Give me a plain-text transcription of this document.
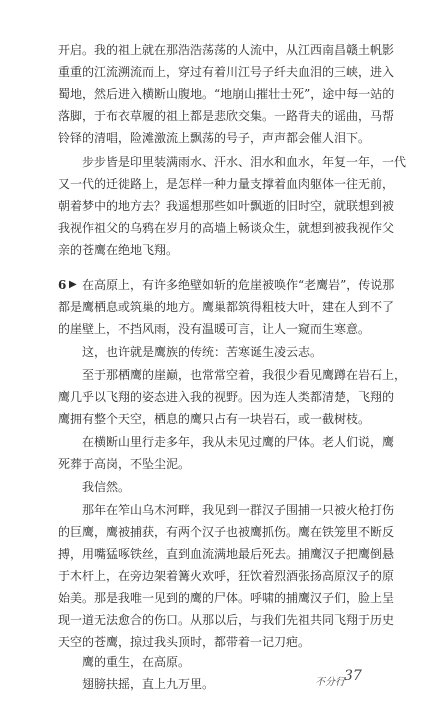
开启。我的祖上就在那浩浩荡荡的人流中，从江西南昌赣土帆影
重重的江流溯流而上，穿过有着川江号子纤夫血泪的三峡，进入
蜀地，然后进入横断山腹地。“地崩山摧壮士死”，途中每一站的
落脚，于布衣草履的祖上都是悲欣交集。一路背夫的谣曲，马帮
铃铎的清唱，险滩激流上飘荡的号子，声声都会催人泪下。
步步皆是印里装满雨水、汗水、泪水和血水，年复一年，一代
又一代的迁徙路上，是怎样一种力量支撑着血肉躯体一往无前，
朝着梦中的地方去？我遥想那些如叶飘逝的旧时空，就联想到被
我视作祖父的乌鸦在岁月的高墙上畅谈众生，就想到被我视作父
亲的苍鹰在绝地飞翔。
6 ▶ 在高原上，有许多绝壁如斩的危崖被唤作“老鹰岩”，传说那
都是鹰栖息或筑巢的地方。鹰巢都筑得粗枝大叶，建在人到不了
的崖壁上，不挡风雨，没有温暖可言，让人一窥而生寒意。
这，也许就是鹰族的传统：苦寒诞生凌云志。
至于那栖鹰的崖巅，也常常空着，我很少看见鹰蹲在岩石上，
鹰几乎以飞翔的姿态进入我的视野。因为连人类都清楚，飞翔的
鹰拥有整个天空，栖息的鹰只占有一块岩石，或一截树枝。
在横断山里行走多年，我从未见过鹰的尸体。老人们说，鹰
死葬于高岗，不坠尘泥。
我信然。
那年在笮山乌木河畔，我见到一群汉子围捕一只被火枪打伤
的巨鹰，鹰被捕获，有两个汉子也被鹰抓伤。鹰在铁笼里不断反
搏，用嘴猛啄铁丝，直到血流满地最后死去。捕鹰汉子把鹰倒悬
于木杆上，在旁边架着篝火欢呼，狂饮着烈酒张扬高原汉子的原
始美。那是我唯一见到的鹰的尸体。呼啸的捕鹰汉子们，脸上呈
现一道无法愈合的伤口。从那以后，与我们先祖共同飞翔于历史
天空的苍鹰，掠过我头顶时，都带着一记刀疤。
鹰的重生，在高原。
翅膀扶摇，直上九万里。	不分行 37
